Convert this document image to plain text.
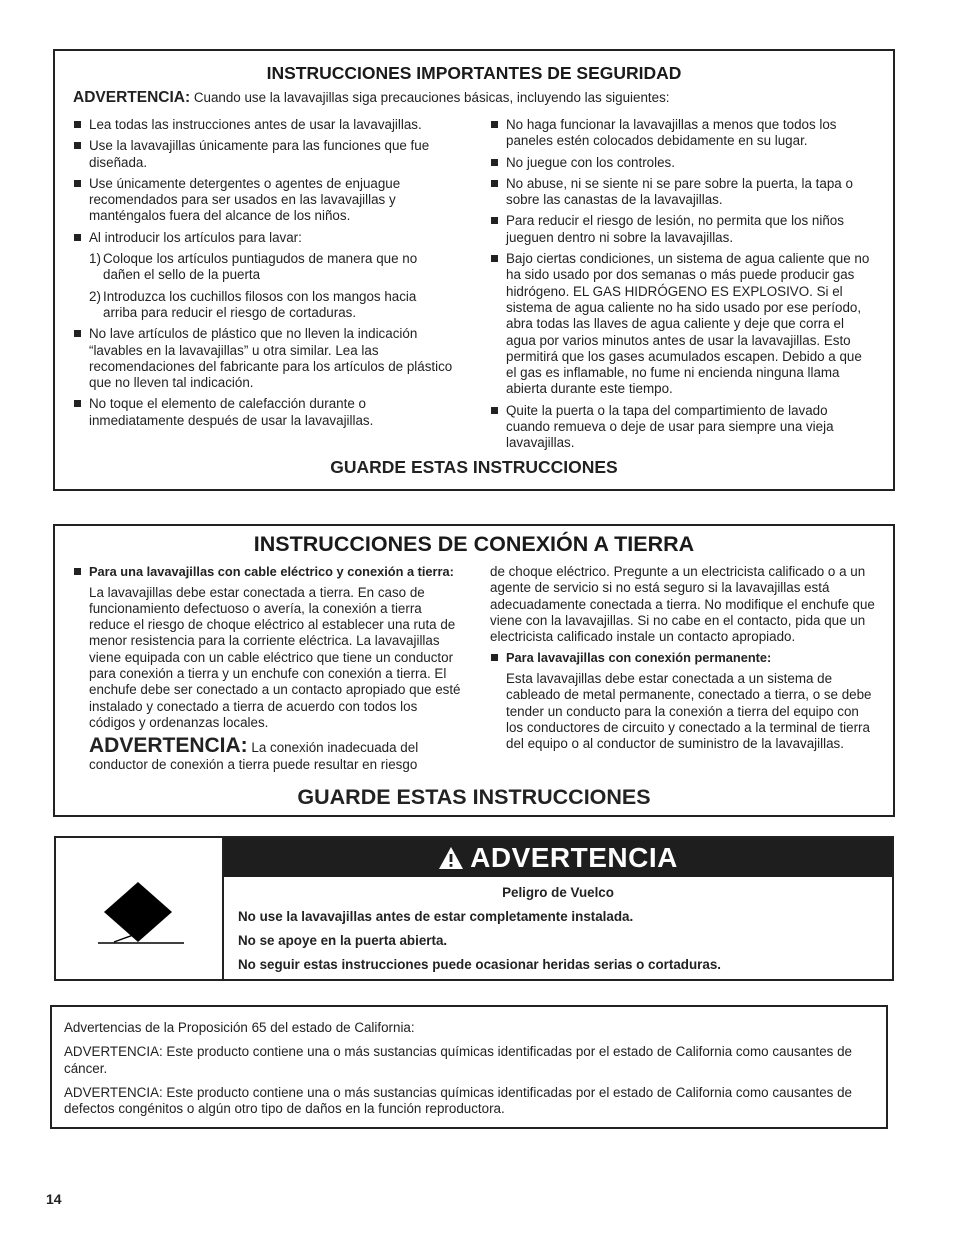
INSTRUCCIONES IMPORTANTES DE SEGURIDAD
ADVERTENCIA: Cuando use la lavavajillas siga precauciones básicas, incluyendo las siguientes:

Lea todas las instrucciones antes de usar la lavavajillas.

Use la lavavajillas únicamente para las funciones que fue diseñada.

Use únicamente detergentes o agentes de enjuague recomendados para ser usados en las lavavajillas y manténgalos fuera del alcance de los niños.

Al introducir los artículos para lavar:

1) Coloque los artículos puntiagudos de manera que no dañen el sello de la puerta

2) Introduzca los cuchillos filosos con los mangos hacia arriba para reducir el riesgo de cortaduras.

No lave artículos de plástico que no lleven la indicación “lavables en la lavavajillas” u otra similar. Lea las recomendaciones del fabricante para los artículos de plástico que no lleven tal indicación.

No toque el elemento de calefacción durante o inmediatamente después de usar la lavavajillas.

No haga funcionar la lavavajillas a menos que todos los paneles estén colocados debidamente en su lugar.

No juegue con los controles.

No abuse, ni se siente ni se pare sobre la puerta, la tapa o sobre las canastas de la lavavajillas.

Para reducir el riesgo de lesión, no permita que los niños jueguen dentro ni sobre la lavavajillas.

Bajo ciertas condiciones, un sistema de agua caliente que no ha sido usado por dos semanas o más puede producir gas hidrógeno. EL GAS HIDRÓGENO ES EXPLOSIVO. Si el sistema de agua caliente no ha sido usado por ese período, abra todas las llaves de agua caliente y deje que corra el agua por varios minutos antes de usar la lavavajillas. Esto permitirá que los gases acumulados escapen. Debido a que el gas es inflamable, no fume ni encienda ninguna llama abierta durante este tiempo.

Quite la puerta o la tapa del compartimiento de lavado cuando remueva o deje de usar para siempre una vieja lavavajillas.

GUARDE ESTAS INSTRUCCIONES
INSTRUCCIONES DE CONEXIÓN A TIERRA

Para una lavavajillas con cable eléctrico y conexión a tierra:

La lavavajillas debe estar conectada a tierra. En caso de funcionamiento defectuoso o avería, la conexión a tierra reduce el riesgo de choque eléctrico al establecer una ruta de menor resistencia para la corriente eléctrica. La lavavajillas viene equipada con un cable eléctrico que tiene un conductor para conexión a tierra y un enchufe con conexión a tierra. El enchufe debe ser conectado a un contacto apropiado que esté instalado y conectado a tierra de acuerdo con todos los códigos y ordenanzas locales.

ADVERTENCIA: La conexión inadecuada del conductor de conexión a tierra puede resultar en riesgo

de choque eléctrico. Pregunte a un electricista calificado o a un agente de servicio si no está seguro si la lavavajillas está adecuadamente conectada a tierra. No modifique el enchufe que viene con la lavavajillas. Si no cabe en el contacto, pida que un electricista calificado instale un contacto apropiado.

Para lavavajillas con conexión permanente:

Esta lavavajillas debe estar conectada a un sistema de cableado de metal permanente, conectado a tierra, o se debe tender un conducto para la conexión a tierra del equipo con los conductores de circuito y conectado a la terminal de tierra del equipo o al conductor de suministro de la lavavajillas.

GUARDE ESTAS INSTRUCCIONES
ADVERTENCIA

Peligro de Vuelco

No use la lavavajillas antes de estar completamente instalada.

No se apoye en la puerta abierta.

No seguir estas instrucciones puede ocasionar heridas serias o cortaduras.

Advertencias de la Proposición 65 del estado de California:

ADVERTENCIA: Este producto contiene una o más sustancias químicas identificadas por el estado de California como causantes de cáncer.

ADVERTENCIA: Este producto contiene una o más sustancias químicas identificadas por el estado de California como causantes de defectos congénitos o algún otro tipo de daños en la función reproductora.

14
